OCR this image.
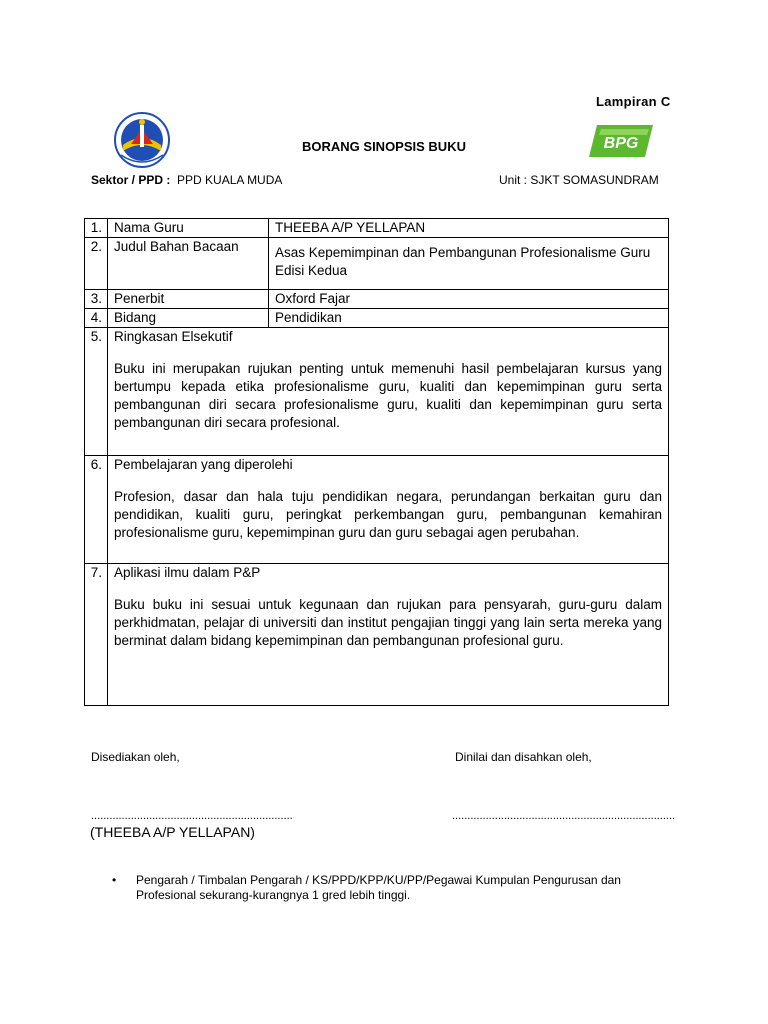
Lampiran C
BORANG SINOPSIS BUKU	BPG
Sektor / PPD : PPD KUALA MUDA	Unit : SJKT SOMASUNDRAM
1.	Nama Guru	THEEBA A/P YELLAPAN
2.	Judul Bahan Bacaan	Asas Kepemimpinan dan Pembangunan Profesionalisme Guru Edisi Kedua

3.	Penerbit	Oxford Fajar
4.	Bidang	Pendidikan
5.	Ringkasan Elsekutif
Buku ini merupakan rujukan penting untuk memenuhi hasil pembelajaran kursus yang bertumpu kepada etika profesionalisme guru, kualiti dan kepemimpinan guru serta pembangunan diri secara profesionalisme guru, kualiti dan kepemimpinan guru serta pembangunan diri secara profesional.	

6.	Pembelajaran yang diperolehi
Profesion, dasar dan hala tuju pendidikan negara, perundangan berkaitan guru dan pendidikan, kualiti guru, peringkat perkembangan guru, pembangunan kemahiran profesionalisme guru, kepemimpinan guru dan guru sebagai agen perubahan.	

7.	Aplikasi ilmu dalam P&P
Buku buku ini sesuai untuk kegunaan dan rujukan para pensyarah, guru-guru dalam perkhidmatan, pelajar di universiti dan institut pengajian tinggi yang lain serta mereka yang berminat dalam bidang kepemimpinan dan pembangunan profesional guru.	
Disediakan oleh,	Dinilai dan disahkan oleh,
..................................................................	.........................................................................
(THEEBA A/P YELLAPAN)
• Pengarah / Timbalan Pengarah / KS/PPD/KPP/KU/PP/Pegawai Kumpulan Pengurusan dan Profesional sekurang-kurangnya 1 gred lebih tinggi.
